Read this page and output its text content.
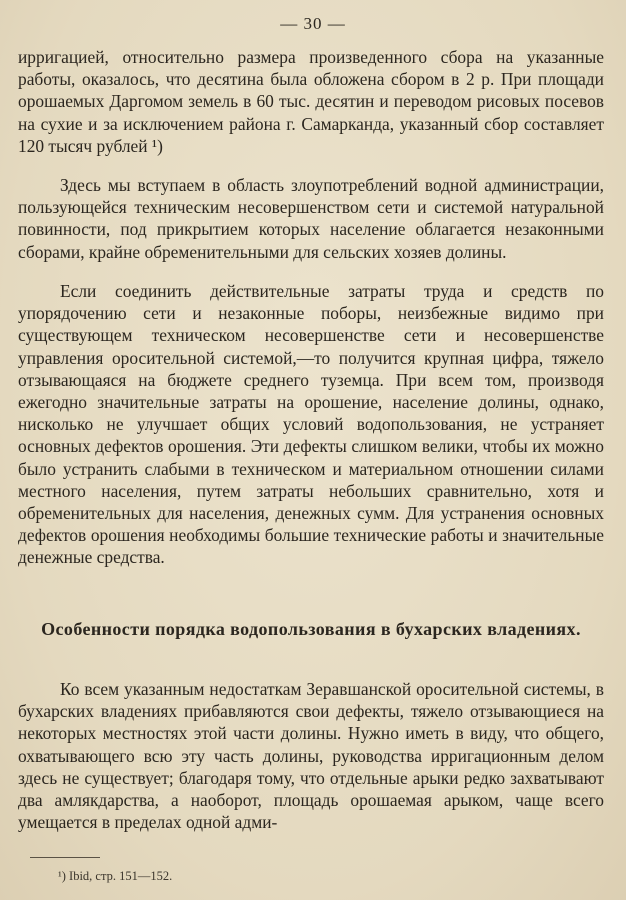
— 30 —

ирригацией, относительно размера произведенного сбора на указанные работы, оказалось, что десятина была обложена сбором в 2 р. При площади орошаемых Даргомом земель в 60 тыс. десятин и переводом рисовых посевов на сухие и за исключением района г. Самарканда, указанный сбор составляет 120 тысяч рублей ¹)

Здесь мы вступаем в область злоупотреблений водной администрации, пользующейся техническим несовершенством сети и системой натуральной повинности, под прикрытием которых население облагается незаконными сборами, крайне обременительными для сельских хозяев долины.

Если соединить действительные затраты труда и средств по упорядочению сети и незаконные поборы, неизбежные видимо при существующем техническом несовершенстве сети и несовершенстве управления оросительной системой,—то получится крупная цифра, тяжело отзывающаяся на бюджете среднего туземца. При всем том, производя ежегодно значительные затраты на орошение, население долины, однако, нисколько не улучшает общих условий водопользования, не устраняет основных дефектов орошения. Эти дефекты слишком велики, чтобы их можно было устранить слабыми в техническом и материальном отношении силами местного населения, путем затраты небольших сравнительно, хотя и обременительных для населения, денежных сумм. Для устранения основных дефектов орошения необходимы большие технические работы и значительные денежные средства.

Особенности порядка водопользования в бухарских владениях.

Ко всем указанным недостаткам Зеравшанской оросительной системы, в бухарских владениях прибавляются свои дефекты, тяжело отзывающиеся на некоторых местностях этой части долины. Нужно иметь в виду, что общего, охватывающего всю эту часть долины, руководства ирригационным делом здесь не существует; благодаря тому, что отдельные арыки редко захватывают два амлякдарства, а наоборот, площадь орошаемая арыком, чаще всего умещается в пределах одной адми-

¹) Ibid, стр. 151—152.
